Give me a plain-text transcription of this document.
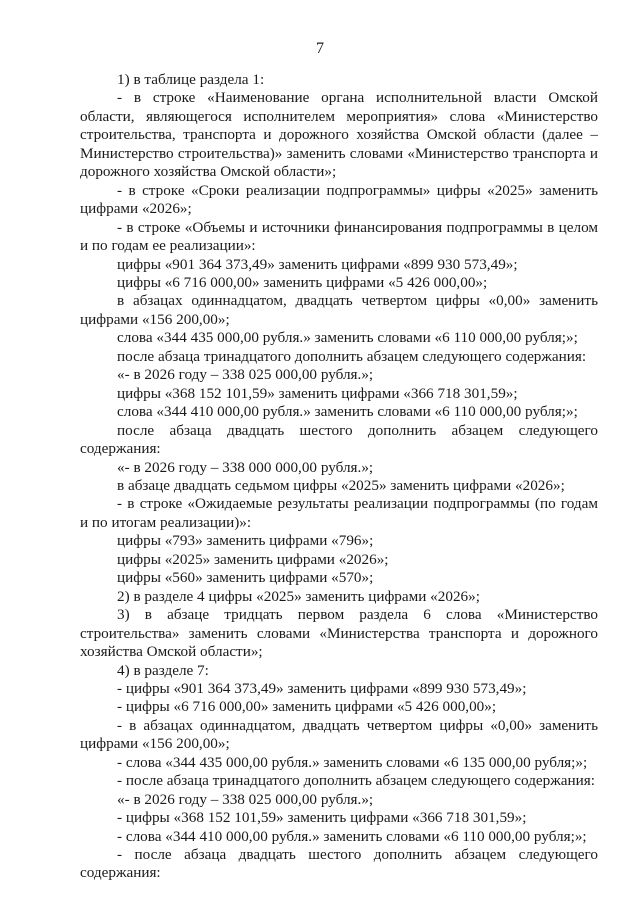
7

1) в таблице раздела 1:

- в строке «Наименование органа исполнительной власти Омской области, являющегося исполнителем мероприятия» слова «Министерство строительства, транспорта и дорожного хозяйства Омской области (далее – Министерство строительства)» заменить словами «Министерство транспорта и дорожного хозяйства Омской области»;

- в строке «Сроки реализации подпрограммы» цифры «2025» заменить цифрами «2026»;

- в строке «Объемы и источники финансирования подпрограммы в целом и по годам ее реализации»:

цифры «901 364 373,49» заменить цифрами «899 930 573,49»;

цифры «6 716 000,00» заменить цифрами «5 426 000,00»;

в абзацах одиннадцатом, двадцать четвертом цифры «0,00» заменить цифрами «156 200,00»;

слова «344 435 000,00 рубля.» заменить словами «6 110 000,00 рубля;»;

после абзаца тринадцатого дополнить абзацем следующего содержания:

«- в 2026 году – 338 025 000,00 рубля.»;

цифры «368 152 101,59» заменить цифрами «366 718 301,59»;

слова «344 410 000,00 рубля.» заменить словами «6 110 000,00 рубля;»;

после абзаца двадцать шестого дополнить абзацем следующего содержания:

«- в 2026 году – 338 000 000,00 рубля.»;

в абзаце двадцать седьмом цифры «2025» заменить цифрами «2026»;

- в строке «Ожидаемые результаты реализации подпрограммы (по годам и по итогам реализации)»:

цифры «793» заменить цифрами «796»;

цифры «2025» заменить цифрами «2026»;

цифры «560» заменить цифрами «570»;

2) в разделе 4 цифры «2025» заменить цифрами «2026»;

3) в абзаце тридцать первом раздела 6 слова «Министерство строительства» заменить словами «Министерства транспорта и дорожного хозяйства Омской области»;

4) в разделе 7:

- цифры «901 364 373,49» заменить цифрами «899 930 573,49»;

- цифры «6 716 000,00» заменить цифрами «5 426 000,00»;

- в абзацах одиннадцатом, двадцать четвертом цифры «0,00» заменить цифрами «156 200,00»;

- слова «344 435 000,00 рубля.» заменить словами «6 135 000,00 рубля;»;

- после абзаца тринадцатого дополнить абзацем следующего содержания:

«- в 2026 году – 338 025 000,00 рубля.»;

- цифры «368 152 101,59» заменить цифрами «366 718 301,59»;

- слова «344 410 000,00 рубля.» заменить словами «6 110 000,00 рубля;»;

- после абзаца двадцать шестого дополнить абзацем следующего содержания:
